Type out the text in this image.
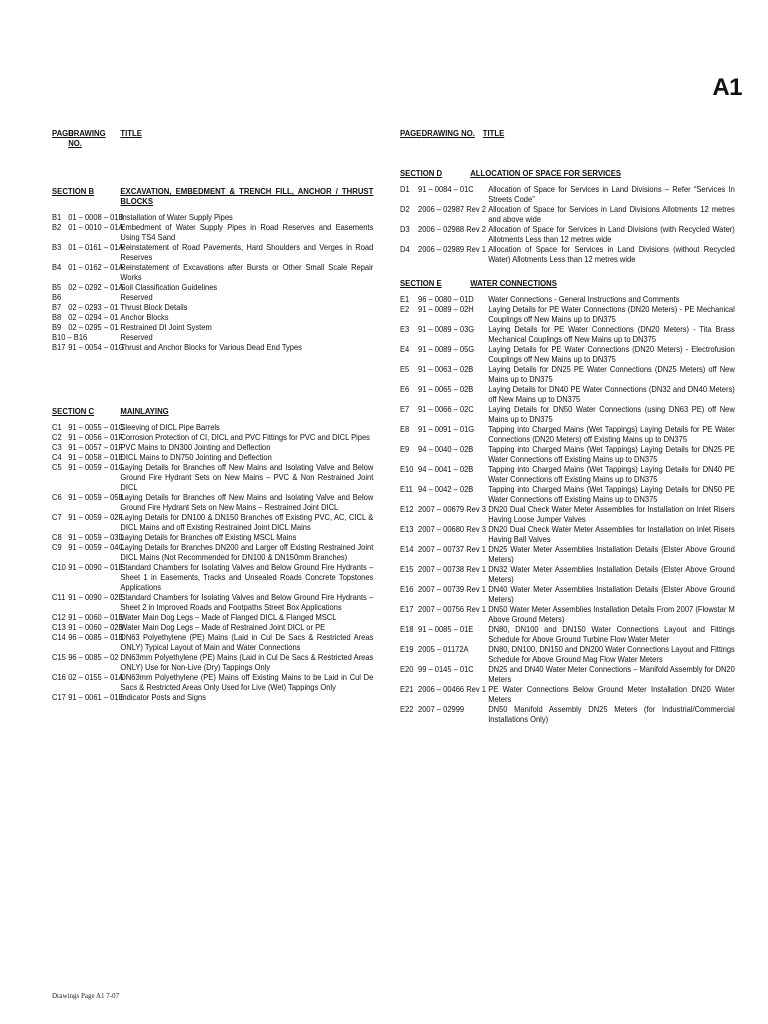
A1
PAGE
DRAWING NO.
TITLE
SECTION B	EXCAVATION, EMBEDMENT & TRENCH FILL, ANCHOR / THRUST BLOCKS
B1 01 – 0008 – 01B
Installation of Water Supply Pipes
B2 01 – 0010 – 01A
Embedment of Water Supply Pipes in Road Reserves and Easements Using TS4 Sand
B3 01 – 0161 – 01A
Reinstatement of Road Pavements, Hard Shoulders and Verges in Road Reserves
B4 01 – 0162 – 01A
Reinstatement of Excavations after Bursts or Other Small Scale Repair Works
B5 02 – 0292 – 01A
Soil Classification Guidelines
B6	Reserved
B7 02 – 0293 – 01 Thrust Block Details
B8 02 – 0294 – 01 Anchor Blocks
B9 02 – 0295 – 01 Restrained DI Joint System
B10 – B16	Reserved
B17 91 – 0054 – 01G
Thrust and Anchor Blocks for Various Dead End Types
SECTION C	MAINLAYING
C1 91 – 0055 – 01C
Sleeving of DICL Pipe Barrels
C2 91 – 0056 – 01F
Corrosion Protection of CI, DICL and PVC Fittings for PVC and DICL Pipes
C3 91 – 0057 – 01F
PVC Mains to DN300 Jointing and Deflection
C4 91 – 0058 – 01E
DICL Mains to DN750 Jointing and Deflection
C5 91 – 0059 – 01G
Laying Details for Branches off New Mains and Isolating Valve and Below Ground Fire Hydrant Sets on New Mains – PVC & Non Restrained Joint DICL
C6 91 – 0059 – 05B
Laying Details for Branches off New Mains and Isolating Valve and Below Ground Fire Hydrant Sets on New Mains – Restrained Joint DICL
C7 91 – 0059 – 02F
Laying Details for DN100 & DN150 Branches off Existing PVC, AC, CICL & DICL Mains and off Existing Restrained Joint DICL Mains
C8 91 – 0059 – 03D
Laying Details for Branches off Existing MSCL Mains
C9 91 – 0059 – 04C
Laying Details for Branches DN200 and Larger off Existing Restrained Joint DICL Mains (Not Recommended for DN100 & DN150mm Branches)
C10 91 – 0090 – 01E
Standard Chambers for Isolating Valves and Below Ground Fire Hydrants – Sheet 1 in Easements, Tracks and Unsealed Roads Concrete Topstones Applications
C11 91 – 0090 – 02E
Standard Chambers for Isolating Valves and Below Ground Fire Hydrants – Sheet 2 in Improved Roads and Footpaths Street Box Applications
C12 91 – 0060 – 01E
Water Main Dog Legs – Made of Flanged DICL & Flanged MSCL
C13 91 – 0060 – 02B
Water Main Dog Legs – Made of Restrained Joint DICL or PE
C14 96 – 0085 – 01B
DN63 Polyethylene (PE) Mains (Laid in Cul De Sacs & Restricted Areas ONLY) Typical Layout of Main and Water Connections
C15 96 – 0085 – 02 DN63mm Polyethylene (PE) Mains (Laid in Cul De Sacs & Restricted Areas ONLY) Use for Non-Live (Dry) Tappings Only
C16 02 – 0155 – 01A
DN63mm Polyethylene (PE) Mains off Existing Mains to be Laid in Cul De Sacs & Restricted Areas Only Used for Live (Wet) Tappings Only
C17 91 – 0061 – 01E
Indicator Posts and Signs
PAGE DRAWING NO. TITLE
SECTION D	ALLOCATION OF SPACE FOR SERVICES
D1 91 – 0084 – 01C	Allocation of Space for Services in Land Divisions – Refer “Services In Streets Code”
D2 2006 – 02987 Rev 2 Allocation of Space for Services in Land Divisions Allotments 12 metres and above wide
D3 2006 – 02988 Rev 2 Allocation of Space for Services in Land Divisions (with Recycled Water) Allotments Less than 12 metres wide
D4 2006 – 02989 Rev 1 Allocation of Space for Services in Land Divisions (without Recycled Water) Allotments Less than 12 metres wide
SECTION E	WATER CONNECTIONS
E1	96 – 0080 – 01D	Water Connections - General Instructions and Comments
E2	91 – 0089 – 02H	Laying Details for PE Water Connections (DN20 Meters) - PE Mechanical Couplings off New Mains up to DN375
E3	91 – 0089 – 03G	Laying Details for PE Water Connections (DN20 Meters) - Tita Brass Mechanical Couplings off New Mains up to DN375
E4	91 – 0089 – 05G	Laying Details for PE Water Connections (DN20 Meters) - Electrofusion Couplings off New Mains up to DN375
E5	91 – 0063 – 02B	Laying Details for DN25 PE Water Connections (DN25 Meters) off New Mains up to DN375
E6	91 – 0065 – 02B	Laying Details for DN40 PE Water Connections (DN32 and DN40 Meters) off New Mains up to DN375
E7	91 – 0066 – 02C	Laying Details for DN50 Water Connections (using DN63 PE) off New Mains up to DN375
E8	91 – 0091 – 01G	Tapping into Charged Mains (Wet Tappings) Laying Details for PE Water Connections (DN20 Meters) off Existing Mains up to DN375
E9	94 – 0040 – 02B	Tapping into Charged Mains (Wet Tappings) Laying Details for DN25 PE Water Connections off Existing Mains up to DN375
E10 94 – 0041 – 02B	Tapping into Charged Mains (Wet Tappings) Laying Details for DN40 PE Water Connections off Existing Mains up to DN375
E11 94 – 0042 – 02B	Tapping into Charged Mains (Wet Tappings) Laying Details for DN50 PE Water Connections off Existing Mains up to DN375
E12 2007 – 00679 Rev 3 DN20 Dual Check Water Meter Assemblies for Installation on Inlet Risers Having Loose Jumper Valves
E13 2007 – 00680 Rev 3 DN20 Dual Check Water Meter Assemblies for Installation on Inlet Risers Having Ball Valves
E14 2007 – 00737 Rev 1 DN25 Water Meter Assemblies Installation Details (Elster Above Ground Meters)
E15 2007 – 00738 Rev 1 DN32 Water Meter Assemblies Installation Details (Elster Above Ground Meters)
E16 2007 – 00739 Rev 1 DN40 Water Meter Assemblies Installation Details (Elster Above Ground Meters)
E17 2007 – 00756 Rev 1 DN50 Water Meter Assemblies Installation Details From 2007 (Flowstar M Above Ground Meters)
E18 91 – 0085 – 01E	DN80, DN100 and DN150 Water Connections Layout and Fittings Schedule for Above Ground Turbine Flow Water Meter
E19 2005 – 01172A	DN80, DN100, DN150 and DN200 Water Connections Layout and Fittings Schedule for Above Ground Mag Flow Water Meters
E20 99 – 0145 – 01C	DN25 and DN40 Water Meter Connections – Manifold Assembly for DN20 Meters
E21 2006 – 00466 Rev 1 PE Water Connections Below Ground Meter Installation DN20 Water Meters
E22 2007 – 02999	DN50 Manifold Assembly DN25 Meters (for Industrial/Commercial Installations Only)
Drawings Page A1 7-07
